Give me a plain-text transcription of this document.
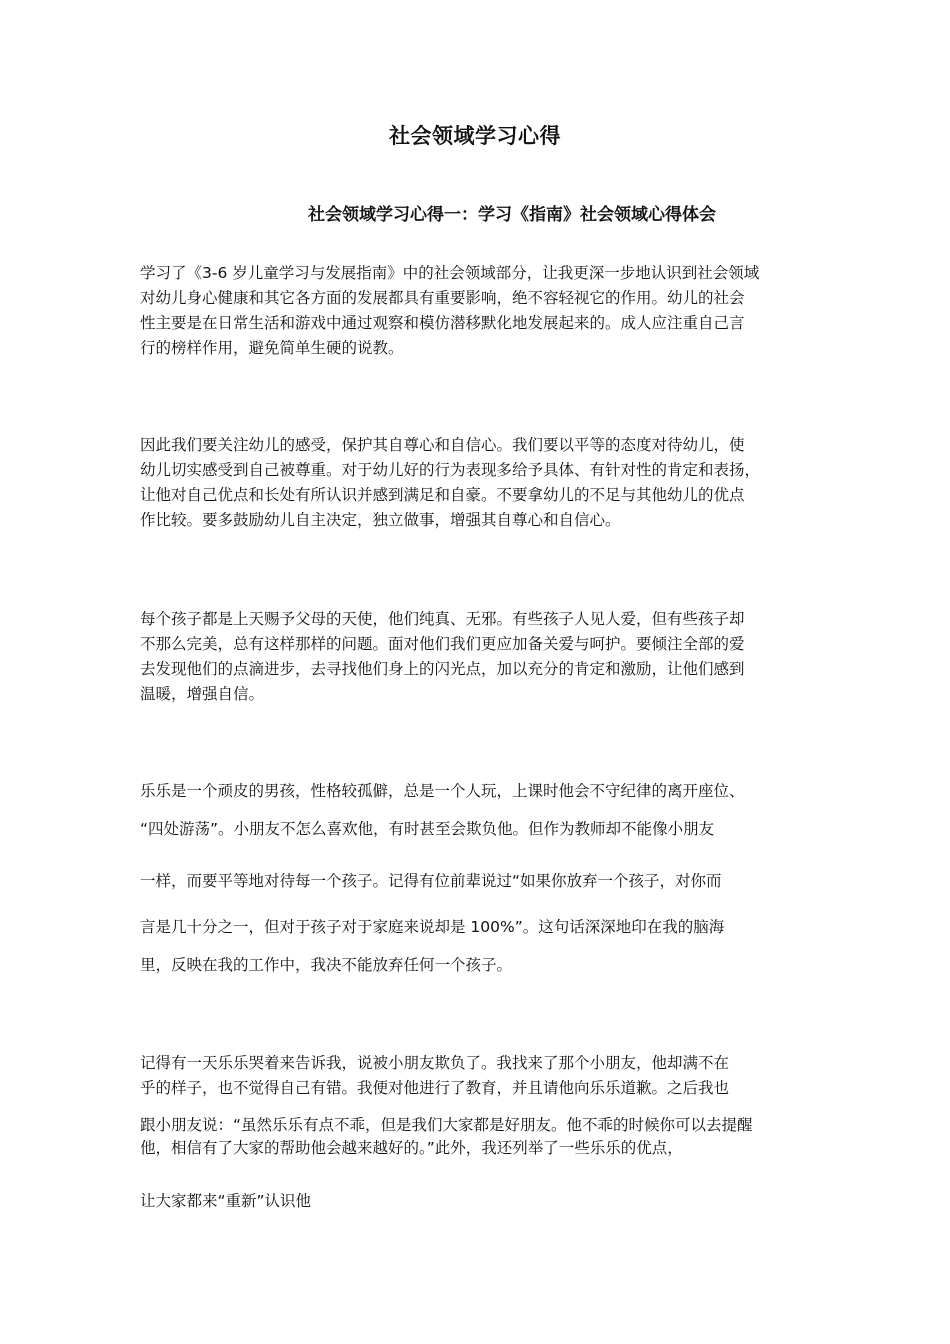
社会领域学习心得
社会领域学习心得一：学习《指南》社会领域心得体会
学习了《3-6 岁儿童学习与发展指南》中的社会领域部分，让我更深一步地认识到社会领域
对幼儿身心健康和其它各方面的发展都具有重要影响，绝不容轻视它的作用。幼儿的社会
性主要是在日常生活和游戏中通过观察和模仿潜移默化地发展起来的。成人应注重自己言
行的榜样作用，避免简单生硬的说教。
因此我们要关注幼儿的感受，保护其自尊心和自信心。我们要以平等的态度对待幼儿，使
幼儿切实感受到自己被尊重。对于幼儿好的行为表现多给予具体、有针对性的肯定和表扬，
让他对自己优点和长处有所认识并感到满足和自豪。不要拿幼儿的不足与其他幼儿的优点
作比较。要多鼓励幼儿自主决定，独立做事，增强其自尊心和自信心。
每个孩子都是上天赐予父母的天使，他们纯真、无邪。有些孩子人见人爱，但有些孩子却
不那么完美，总有这样那样的问题。面对他们我们更应加备关爱与呵护。要倾注全部的爱
去发现他们的点滴进步，去寻找他们身上的闪光点，加以充分的肯定和激励，让他们感到
温暖，增强自信。
乐乐是一个顽皮的男孩，性格较孤僻，总是一个人玩，上课时他会不守纪律的离开座位、
“四处游荡”。小朋友不怎么喜欢他，有时甚至会欺负他。但作为教师却不能像小朋友
一样，而要平等地对待每一个孩子。记得有位前辈说过“如果你放弃一个孩子，对你而
言是几十分之一，但对于孩子对于家庭来说却是 100%”。这句话深深地印在我的脑海
里，反映在我的工作中，我决不能放弃任何一个孩子。
记得有一天乐乐哭着来告诉我，说被小朋友欺负了。我找来了那个小朋友，他却满不在
乎的样子，也不觉得自己有错。我便对他进行了教育，并且请他向乐乐道歉。之后我也
跟小朋友说：“虽然乐乐有点不乖，但是我们大家都是好朋友。他不乖的时候你可以去提醒
他，相信有了大家的帮助他会越来越好的。”此外，我还列举了一些乐乐的优点，
让大家都来“重新”认识他
